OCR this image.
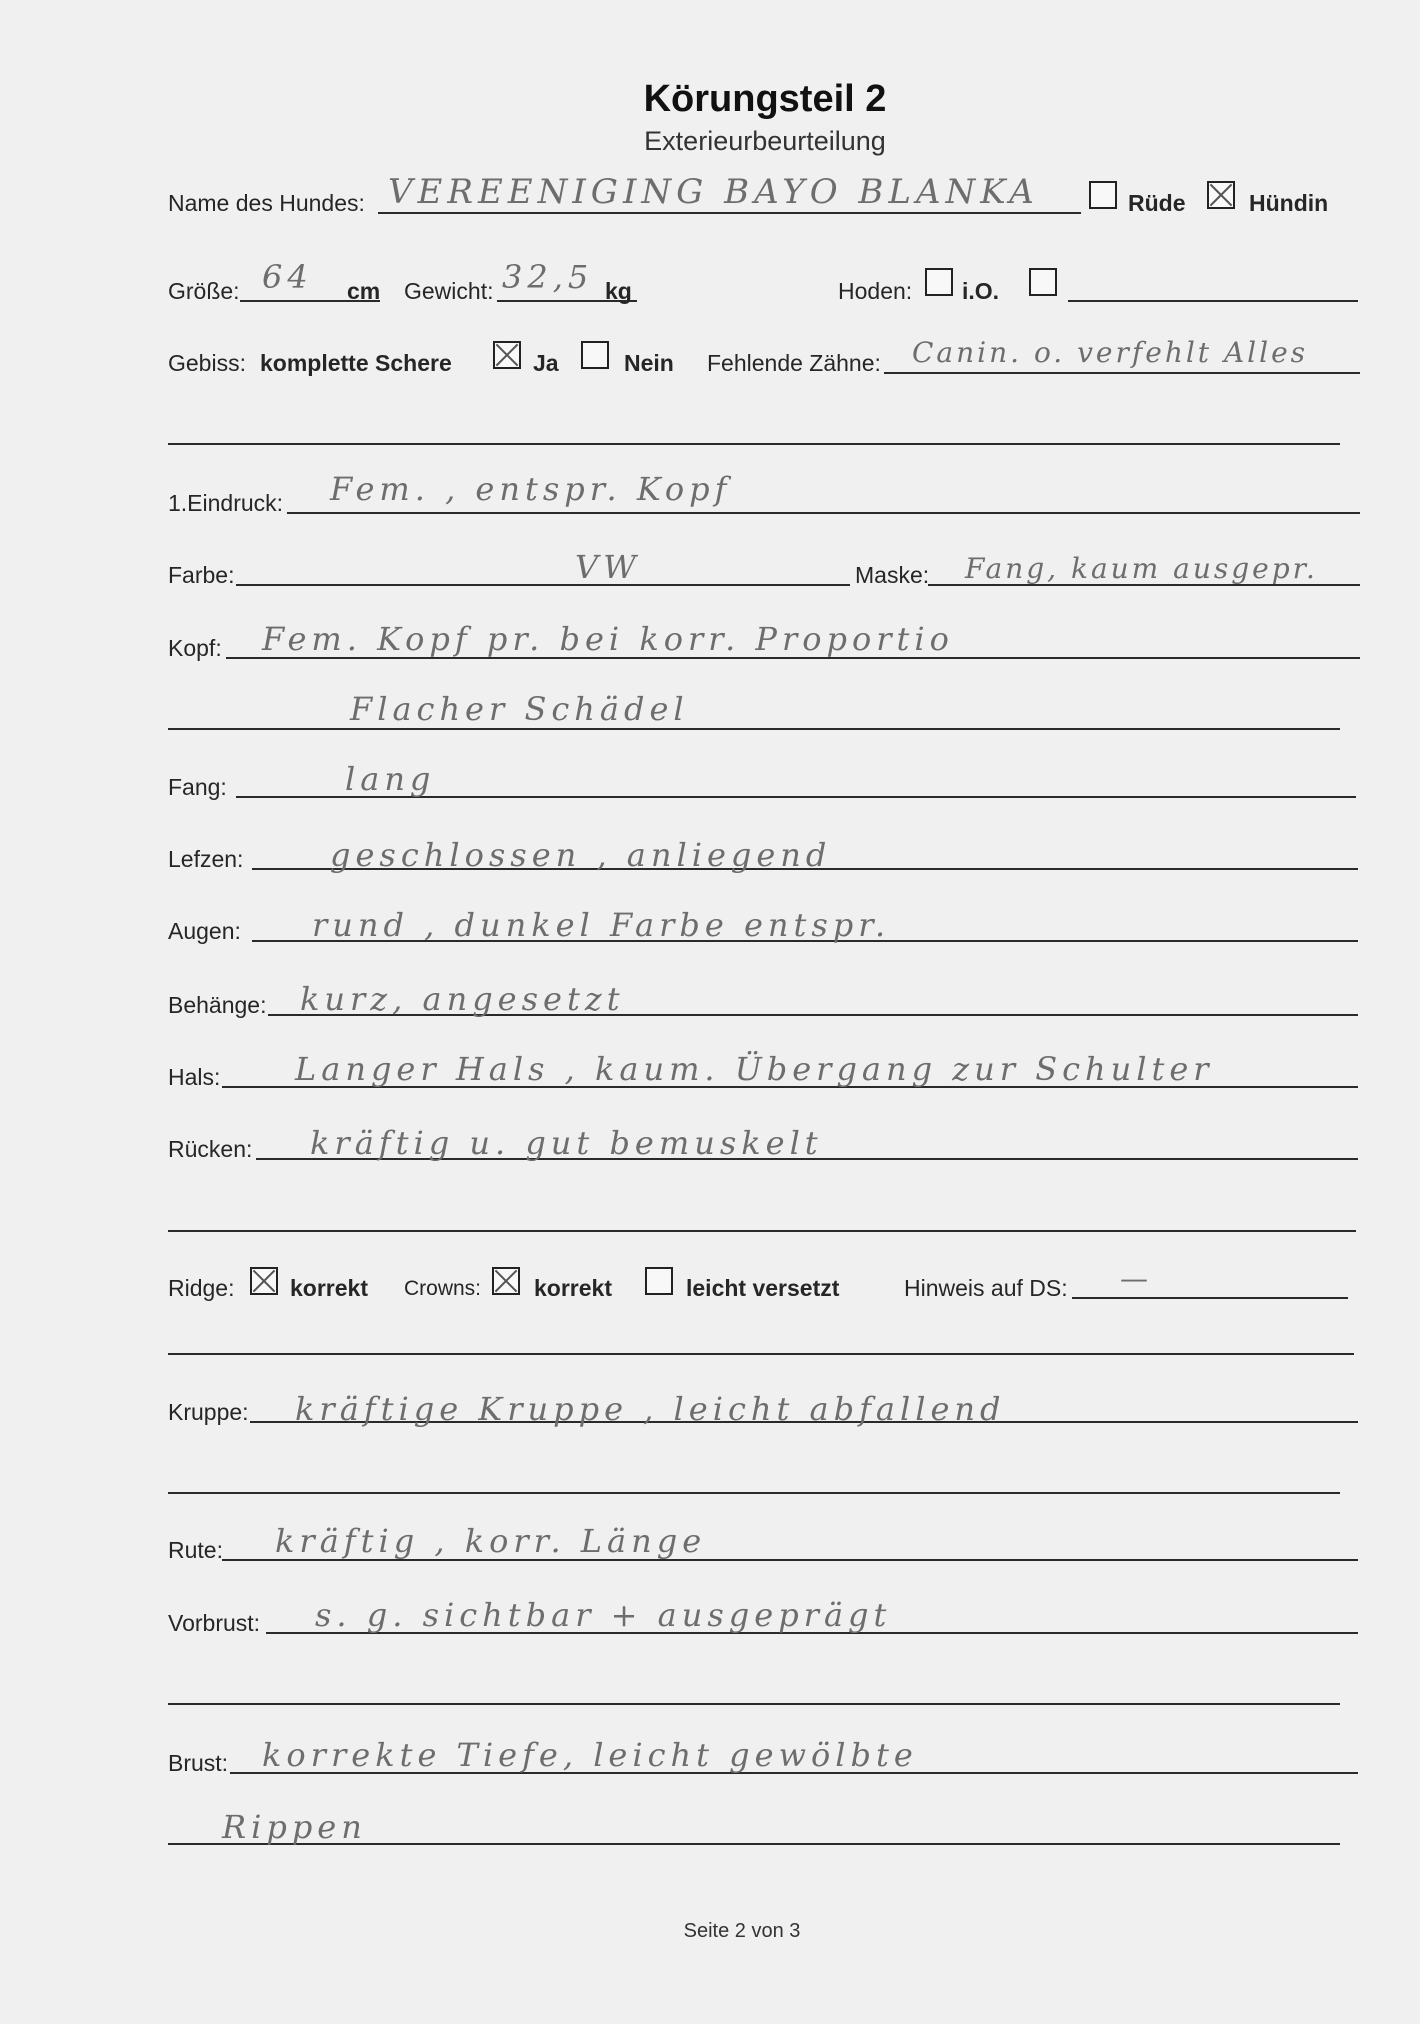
Körungsteil 2
Exterieurbeurteilung
Name des Hundes: VEREENIGING BAYO BLANKA	Rüde	Hündin
Größe: 64 cm Gewicht: 32,5 kg	Hoden: i.O.
Gebiss: komplette Schere	Ja	Nein Fehlende Zähne: Canin. o. verfehlt Alles
1.Eindruck: Fem. , entspr. Kopf
Farbe:	VW	Maske: Fang, kaum ausgepr.
Kopf: Fem. Kopf pr. bei korr. Proportio
Flacher Schädel
Fang:	lang
Lefzen:	geschlossen , anliegend
Augen: rund , dunkel Farbe entspr.
Behänge: kurz, angesetzt
Hals: Langer Hals , kaum. Übergang zur Schulter
Rücken: kräftig u. gut bemuskelt
Ridge: korrekt Crowns: korrekt	leicht versetzt	Hinweis auf DS: —
Kruppe: kräftige Kruppe , leicht abfallend
Rute: kräftig , korr. Länge
Vorbrust: s. g. sichtbar + ausgeprägt
Brust: korrekte Tiefe, leicht gewölbte
Rippen
Seite 2 von 3
